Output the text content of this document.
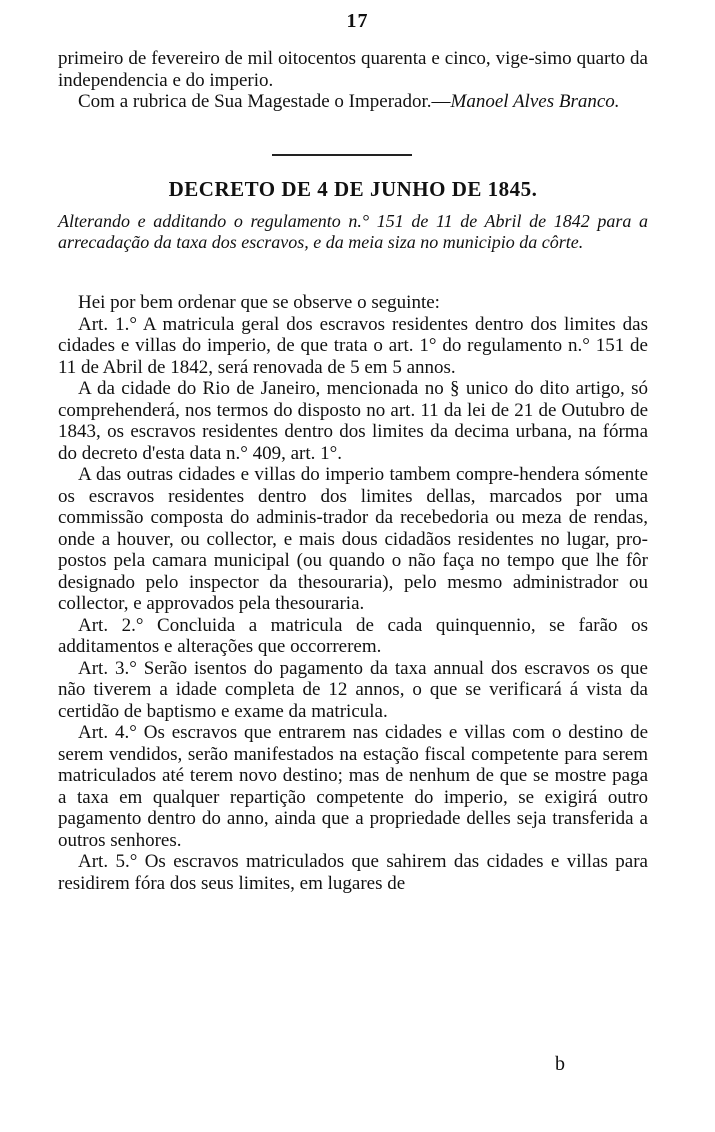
17

primeiro de fevereiro de mil oitocentos quarenta e cinco, vige-simo quarto da independencia e do imperio.

Com a rubrica de Sua Magestade o Imperador.—Manoel Alves Branco.

DECRETO DE 4 DE JUNHO DE 1845.
Alterando e additando o regulamento n.° 151 de 11 de Abril de 1842 para a arrecadação da taxa dos escravos, e da meia siza no municipio da côrte.

Hei por bem ordenar que se observe o seguinte:

Art. 1.° A matricula geral dos escravos residentes dentro dos limites das cidades e villas do imperio, de que trata o art. 1° do regulamento n.° 151 de 11 de Abril de 1842, será renovada de 5 em 5 annos.

A da cidade do Rio de Janeiro, mencionada no § unico do dito artigo, só comprehenderá, nos termos do disposto no art. 11 da lei de 21 de Outubro de 1843, os escravos residentes dentro dos limites da decima urbana, na fórma do decreto d'esta data n.° 409, art. 1°.

A das outras cidades e villas do imperio tambem compre-hendera sómente os escravos residentes dentro dos limites dellas, marcados por uma commissão composta do adminis-trador da recebedoria ou meza de rendas, onde a houver, ou collector, e mais dous cidadãos residentes no lugar, pro-postos pela camara municipal (ou quando o não faça no tempo que lhe fôr designado pelo inspector da thesouraria), pelo mesmo administrador ou collector, e approvados pela thesouraria.

Art. 2.° Concluida a matricula de cada quinquennio, se farão os additamentos e alterações que occorrerem.

Art. 3.° Serão isentos do pagamento da taxa annual dos escravos os que não tiverem a idade completa de 12 annos, o que se verificará á vista da certidão de baptismo e exame da matricula.

Art. 4.° Os escravos que entrarem nas cidades e villas com o destino de serem vendidos, serão manifestados na estação fiscal competente para serem matriculados até terem novo destino; mas de nenhum de que se mostre paga a taxa em qualquer repartição competente do imperio, se exigirá outro pagamento dentro do anno, ainda que a propriedade delles seja transferida a outros senhores.

Art. 5.° Os escravos matriculados que sahirem das cidades e villas para residirem fóra dos seus limites, em lugares de

b
